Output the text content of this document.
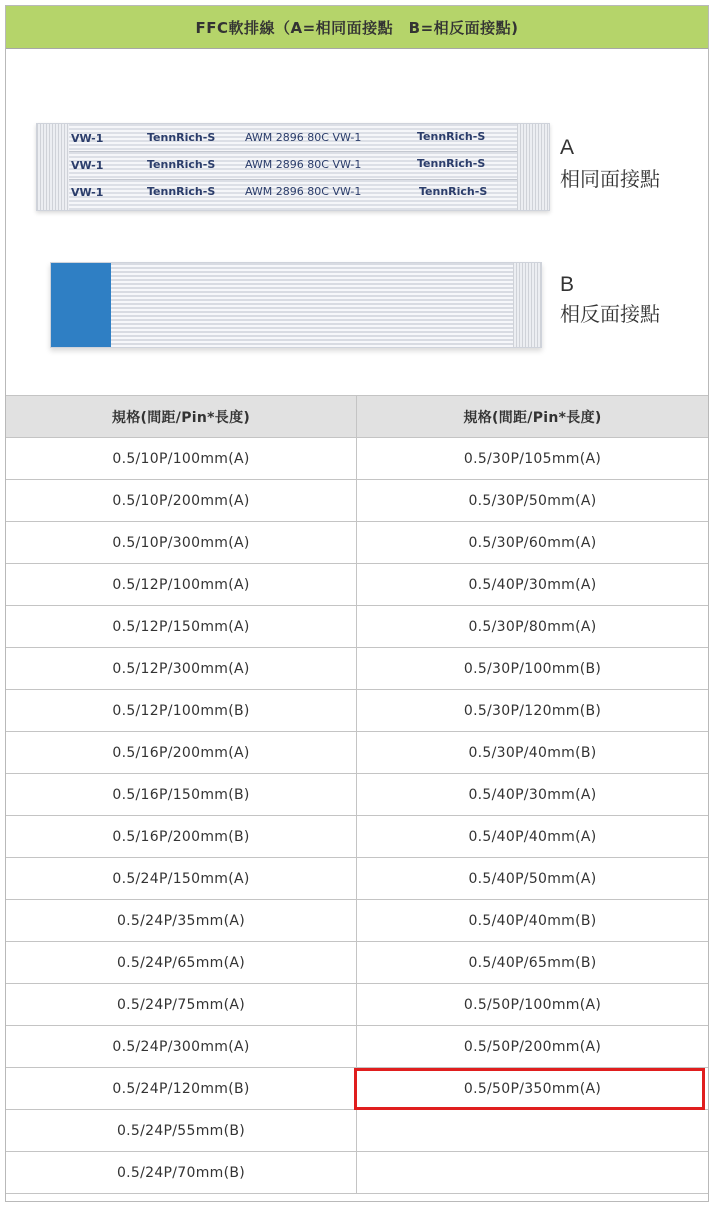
FFC軟排線（A=相同面接點　B=相反面接點)
VW-1	TennRich-S	AWM 2896 80C VW-1	TennRich-S
VW-1	TennRich-S	AWM 2896 80C VW-1	TennRich-S
VW-1	TennRich-S	AWM 2896 80C VW-1	TennRich-S
A
相同面接點
B
相反面接點
規格(間距/Pin*長度)	規格(間距/Pin*長度)
0.5/10P/100mm(A)	0.5/30P/105mm(A)
0.5/10P/200mm(A)	0.5/30P/50mm(A)
0.5/10P/300mm(A)	0.5/30P/60mm(A)
0.5/12P/100mm(A)	0.5/40P/30mm(A)
0.5/12P/150mm(A)	0.5/30P/80mm(A)
0.5/12P/300mm(A)	0.5/30P/100mm(B)
0.5/12P/100mm(B)	0.5/30P/120mm(B)
0.5/16P/200mm(A)	0.5/30P/40mm(B)
0.5/16P/150mm(B)	0.5/40P/30mm(A)
0.5/16P/200mm(B)	0.5/40P/40mm(A)
0.5/24P/150mm(A)	0.5/40P/50mm(A)
0.5/24P/35mm(A)	0.5/40P/40mm(B)
0.5/24P/65mm(A)	0.5/40P/65mm(B)
0.5/24P/75mm(A)	0.5/50P/100mm(A)
0.5/24P/300mm(A)	0.5/50P/200mm(A)
0.5/24P/120mm(B)	0.5/50P/350mm(A)
0.5/24P/55mm(B)
0.5/24P/70mm(B)
